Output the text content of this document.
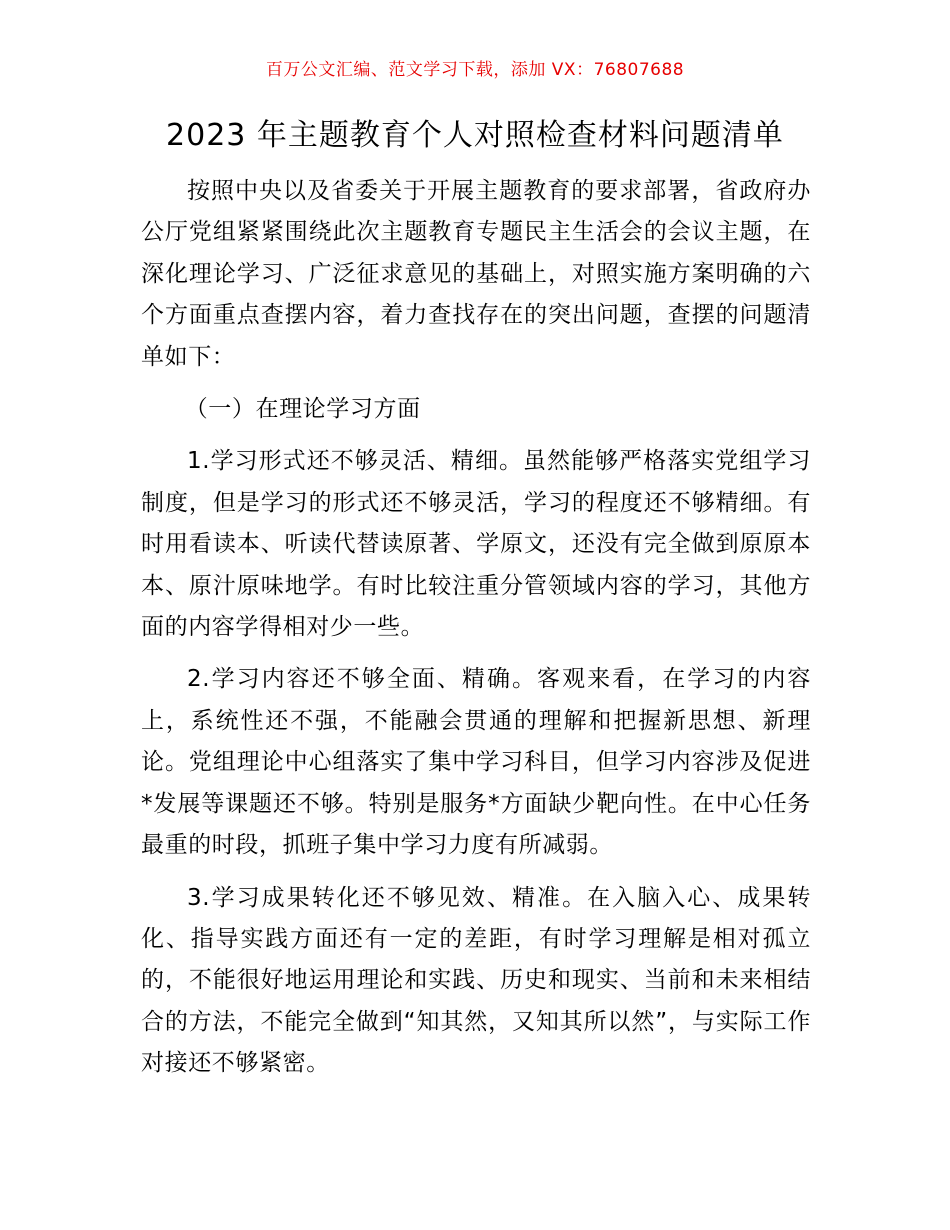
百万公文汇编、范文学习下载，添加 VX：76807688
2023 年主题教育个人对照检查材料问题清单

按照中央以及省委关于开展主题教育的要求部署，省政府办公厅党组紧紧围绕此次主题教育专题民主生活会的会议主题，在深化理论学习、广泛征求意见的基础上，对照实施方案明确的六个方面重点查摆内容，着力查找存在的突出问题，查摆的问题清单如下：

（一）在理论学习方面

1.学习形式还不够灵活、精细。虽然能够严格落实党组学习制度，但是学习的形式还不够灵活，学习的程度还不够精细。有时用看读本、听读代替读原著、学原文，还没有完全做到原原本本、原汁原味地学。有时比较注重分管领域内容的学习，其他方面的内容学得相对少一些。

2.学习内容还不够全面、精确。客观来看，在学习的内容上，系统性还不强，不能融会贯通的理解和把握新思想、新理论。党组理论中心组落实了集中学习科目，但学习内容涉及促进*发展等课题还不够。特别是服务*方面缺少靶向性。在中心任务最重的时段，抓班子集中学习力度有所减弱。

3.学习成果转化还不够见效、精准。在入脑入心、成果转化、指导实践方面还有一定的差距，有时学习理解是相对孤立的，不能很好地运用理论和实践、历史和现实、当前和未来相结合的方法，不能完全做到“知其然，又知其所以然”，与实际工作对接还不够紧密。
